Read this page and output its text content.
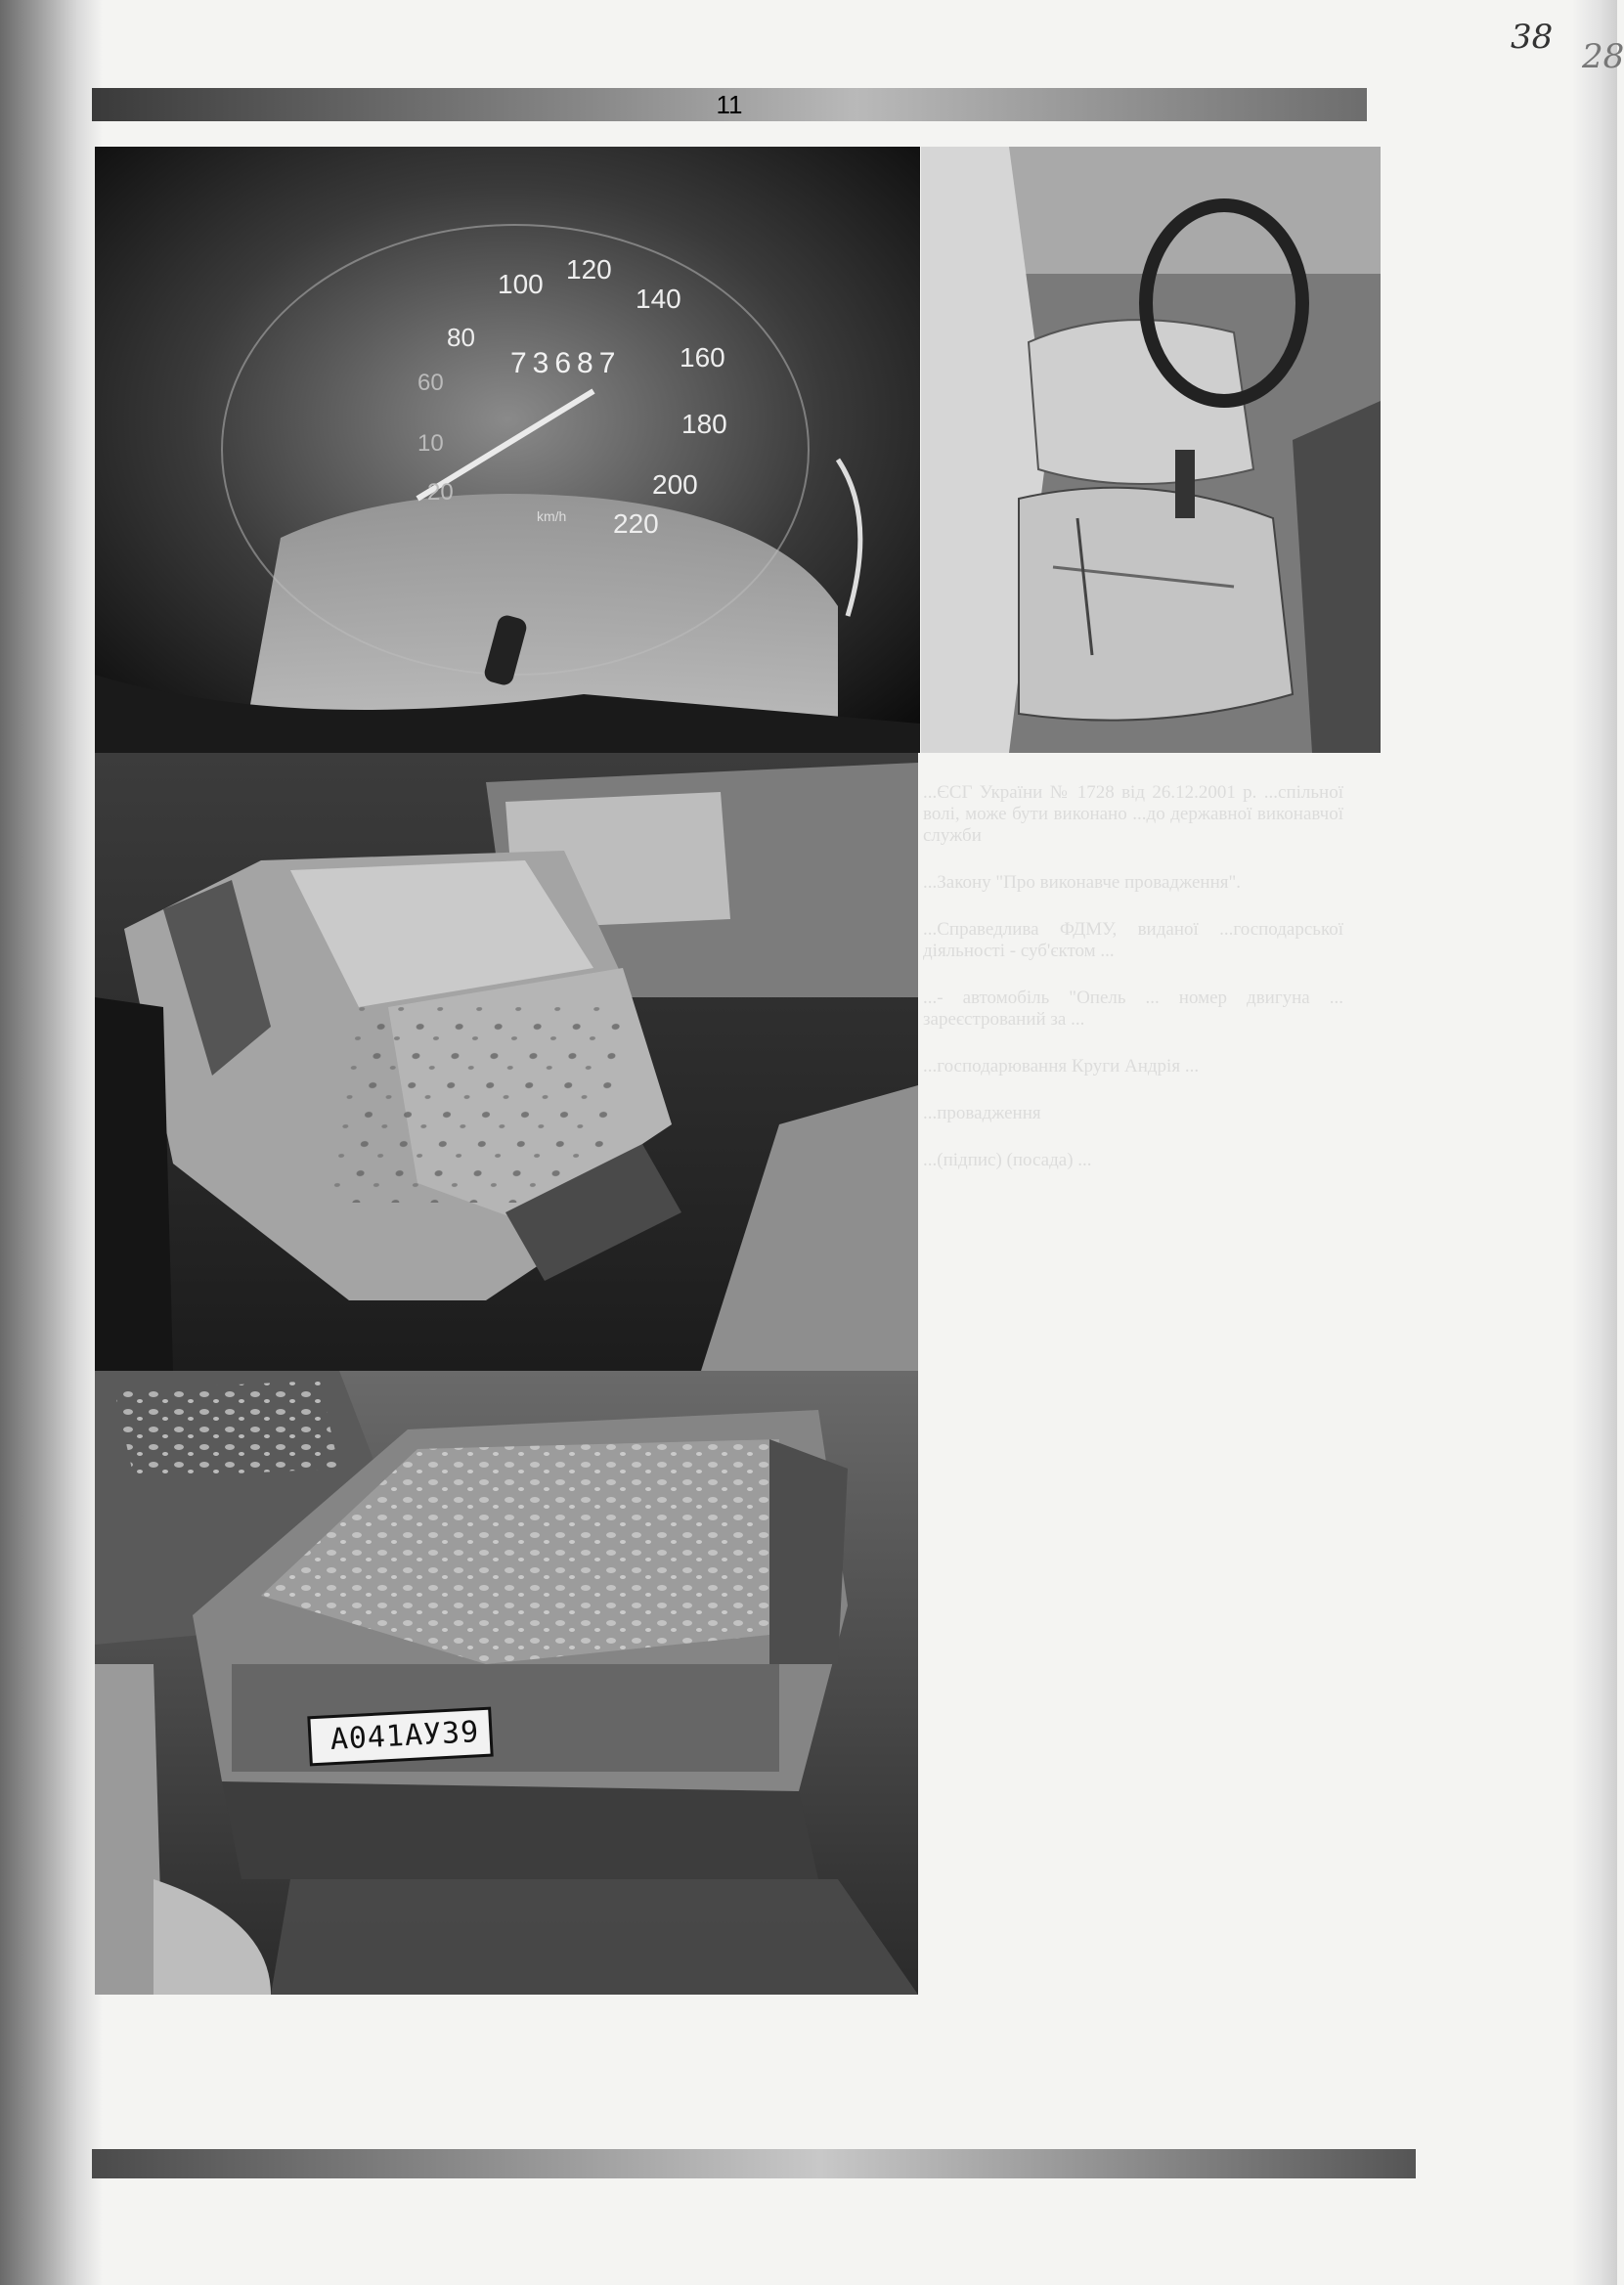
38 28
11
...ЄСГ України № 1728 від 26.12.2001 р. ...спільної волі, може бути виконано ...до державної виконавчої служби
...Закону "Про виконавче провадження".
...Справедлива ФДМУ, виданої ...господарської діяльності - суб'єктом ...
...- автомобіль "Опель ... номер двигуна ... зареєстрований за ...
...господарювання Круги Андрія ...
...провадження
...(підпис) (посада) ...
80
100 120
140
160
180
200
220
60
10
20
73687
km/h
А041АУ39
